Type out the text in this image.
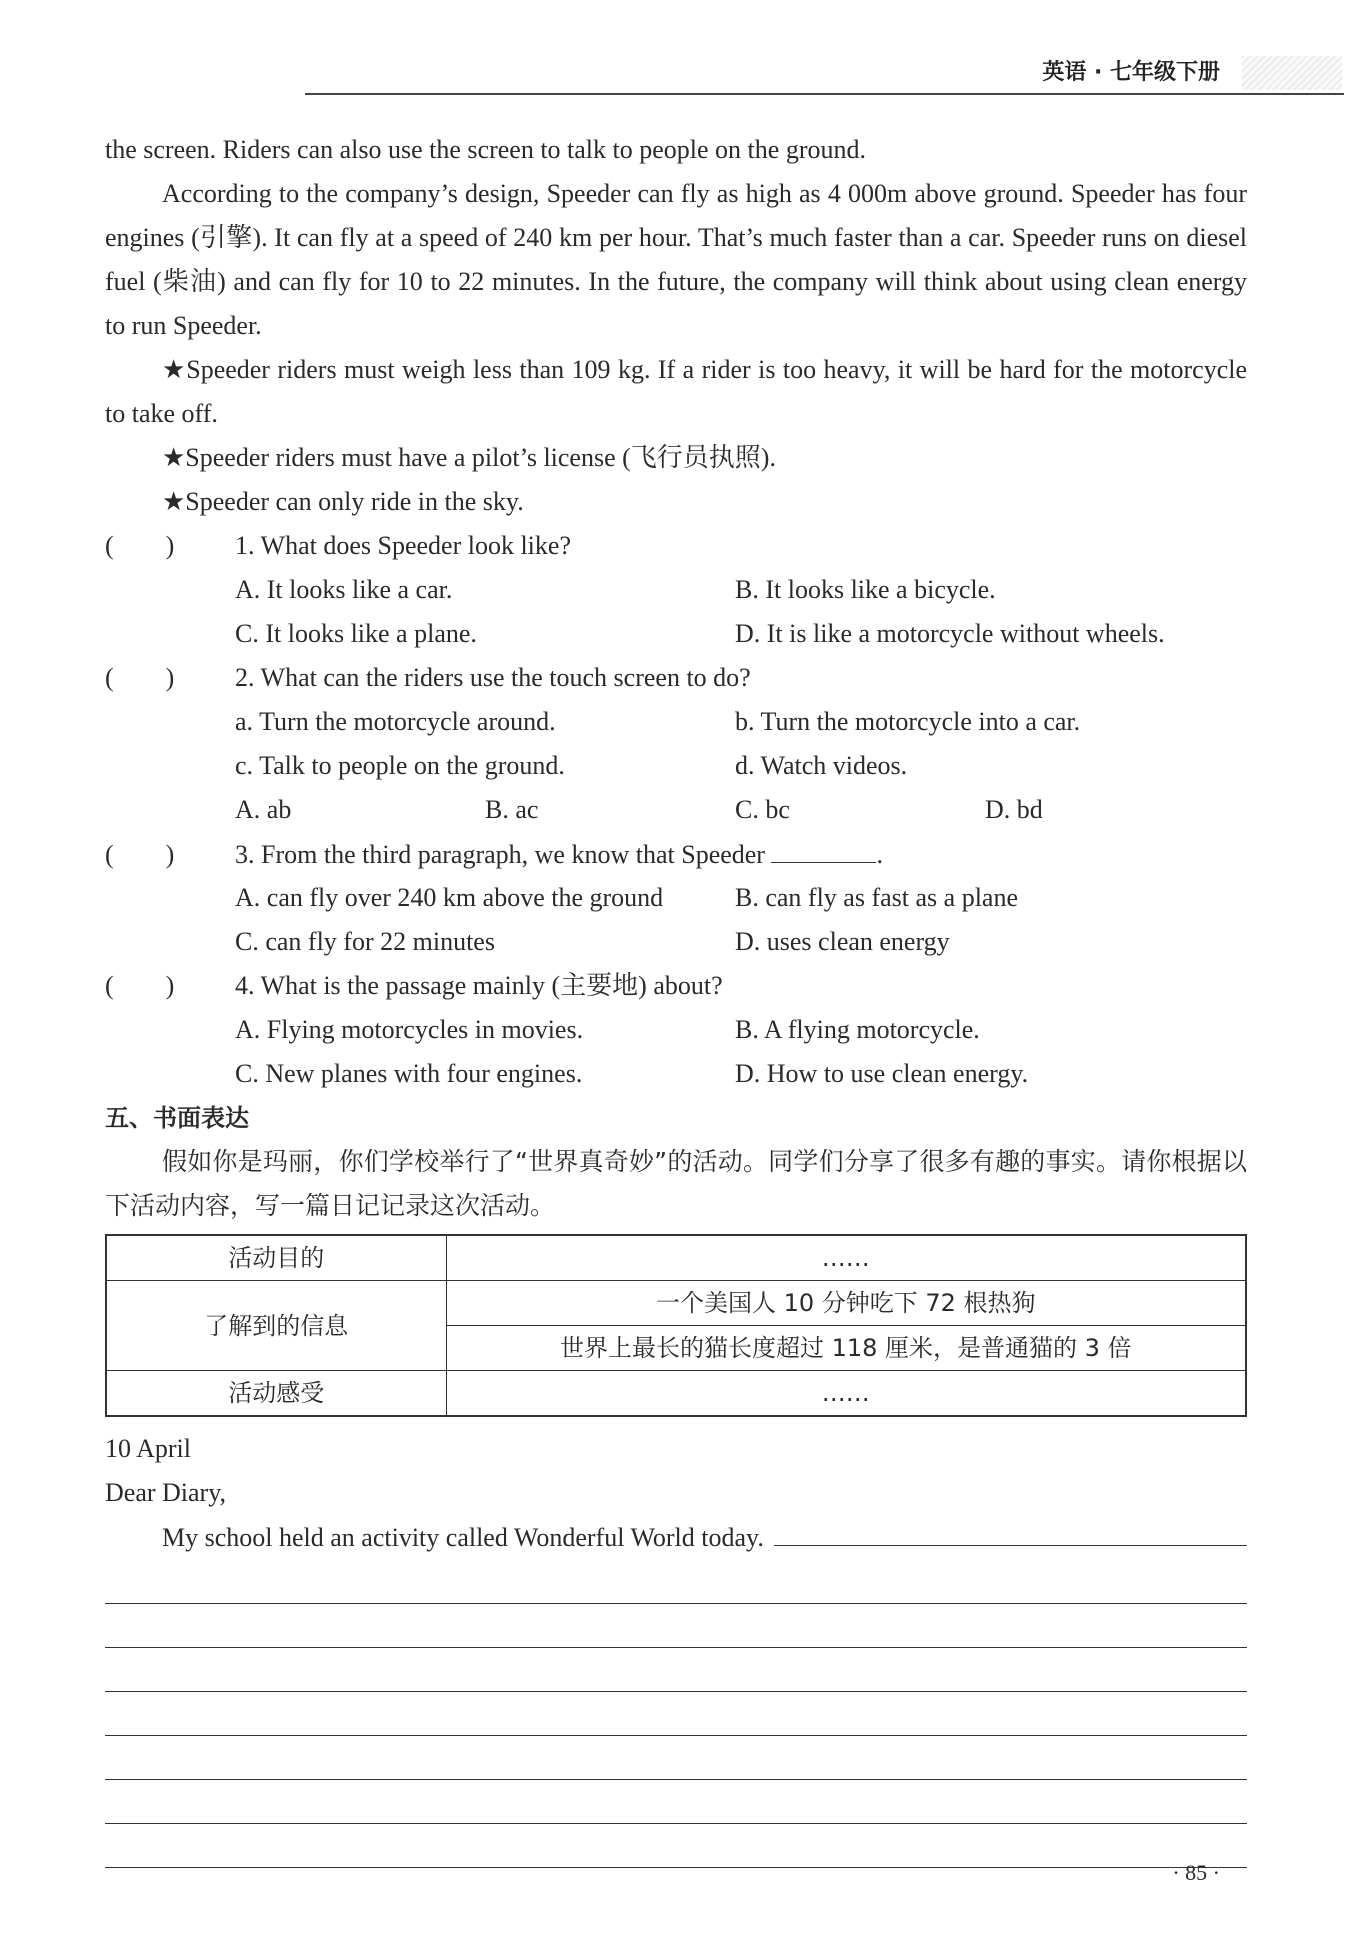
英语 · 七年级下册

the screen. Riders can also use the screen to talk to people on the ground.

According to the company’s design, Speeder can fly as high as 4 000m above ground. Speeder has four engines (引擎). It can fly at a speed of 240 km per hour. That’s much faster than a car. Speeder runs on diesel fuel (柴油) and can fly for 10 to 22 minutes. In the future, the company will think about using clean energy to run Speeder.

★Speeder riders must weigh less than 109 kg. If a rider is too heavy, it will be hard for the motorcycle to take off.

★Speeder riders must have a pilot’s license (飞行员执照).

★Speeder can only ride in the sky.

(        )	1. What does Speeder look like?
A. It looks like a car.	B. It looks like a bicycle.
C. It looks like a plane.	D. It is like a motorcycle without wheels.
(        )	2. What can the riders use the touch screen to do?
a. Turn the motorcycle around.	b. Turn the motorcycle into a car.
c. Talk to people on the ground.	d. Watch videos.
A. ab	B. ac	C. bc	D. bd
(        )	3. From the third paragraph, we know that Speeder
	.
A. can fly over 240 km above the ground	B. can fly as fast as a plane
C. can fly for 22 minutes	D. uses clean energy
(        )	4. What is the passage mainly (主要地) about?
A. Flying motorcycles in movies.	B. A flying motorcycle.
C. New planes with four engines.	D. How to use clean energy.

五、书面表达

假如你是玛丽，你们学校举行了“世界真奇妙”的活动。同学们分享了很多有趣的事实。请你根据以下活动内容，写一篇日记记录这次活动。

活动目的	……
了解到的信息	一个美国人 10 分钟吃下 72 根热狗
	世界上最长的猫长度超过 118 厘米，是普通猫的 3 倍
活动感受	……

10 April

Dear Diary,

My school held an activity called Wonderful World today.
· 85 ·
